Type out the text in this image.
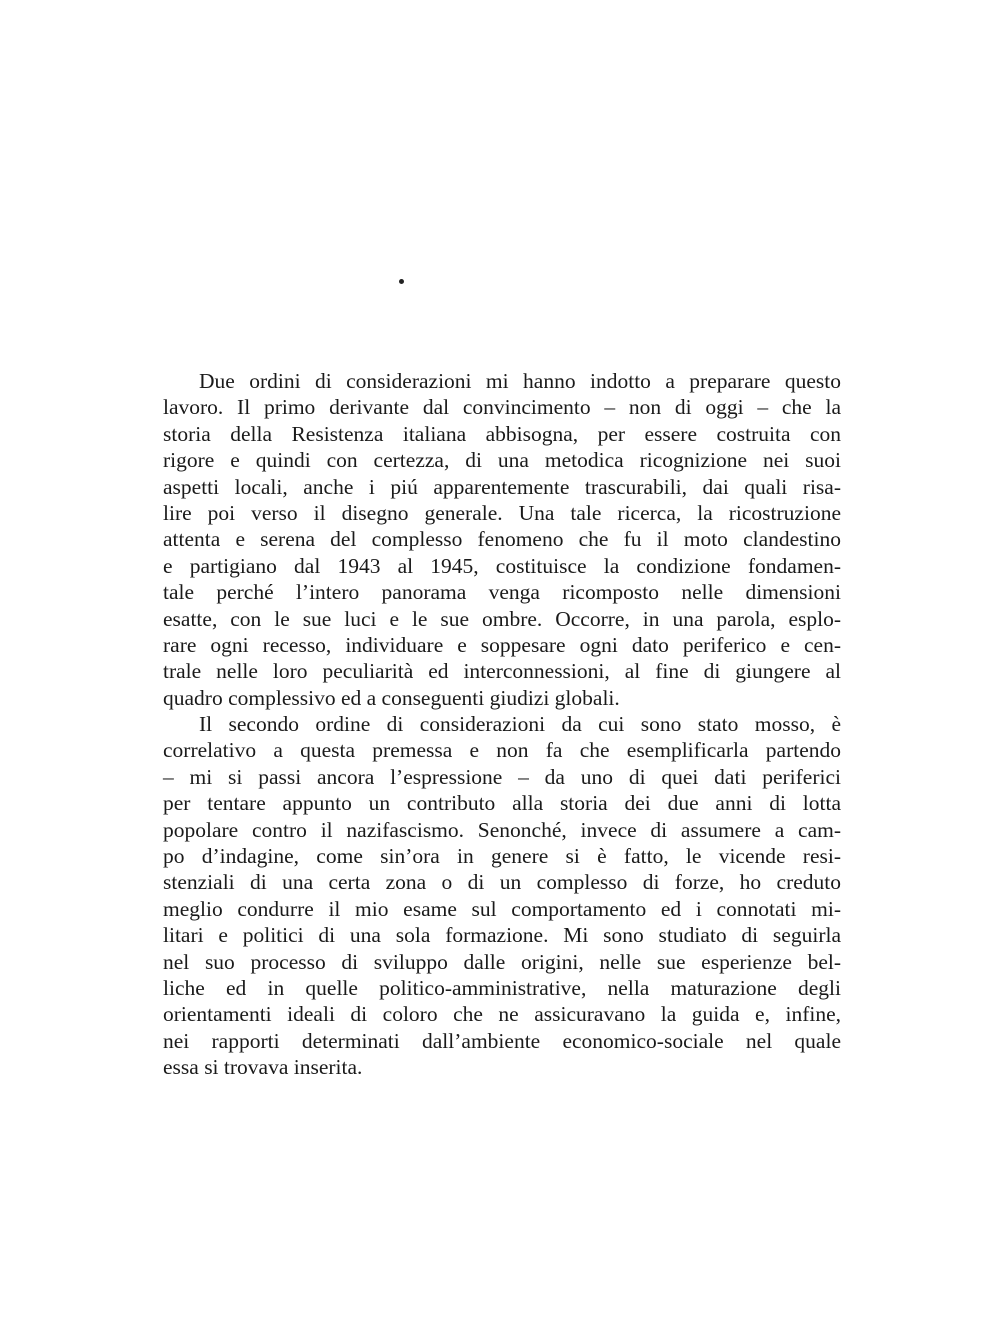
Due ordini di considerazioni mi hanno indotto a preparare questo
lavoro. Il primo derivante dal convincimento – non di oggi – che la
storia della Resistenza italiana abbisogna, per essere costruita con
rigore e quindi con certezza, di una metodica ricognizione nei suoi
aspetti locali, anche i piú apparentemente trascurabili, dai quali risa-
lire poi verso il disegno generale. Una tale ricerca, la ricostruzione
attenta e serena del complesso fenomeno che fu il moto clandestino
e partigiano dal 1943 al 1945, costituisce la condizione fondamen-
tale perché l’intero panorama venga ricomposto nelle dimensioni
esatte, con le sue luci e le sue ombre. Occorre, in una parola, esplo-
rare ogni recesso, individuare e soppesare ogni dato periferico e cen-
trale nelle loro peculiarità ed interconnessioni, al fine di giungere al
quadro complessivo ed a conseguenti giudizi globali.
Il secondo ordine di considerazioni da cui sono stato mosso, è
correlativo a questa premessa e non fa che esemplificarla partendo
– mi si passi ancora l’espressione – da uno di quei dati periferici
per tentare appunto un contributo alla storia dei due anni di lotta
popolare contro il nazifascismo. Senonché, invece di assumere a cam-
po d’indagine, come sin’ora in genere si è fatto, le vicende resi-
stenziali di una certa zona o di un complesso di forze, ho creduto
meglio condurre il mio esame sul comportamento ed i connotati mi-
litari e politici di una sola formazione. Mi sono studiato di seguirla
nel suo processo di sviluppo dalle origini, nelle sue esperienze bel-
liche ed in quelle politico-amministrative, nella maturazione degli
orientamenti ideali di coloro che ne assicuravano la guida e, infine,
nei rapporti determinati dall’ambiente economico-sociale nel quale
essa si trovava inserita.
